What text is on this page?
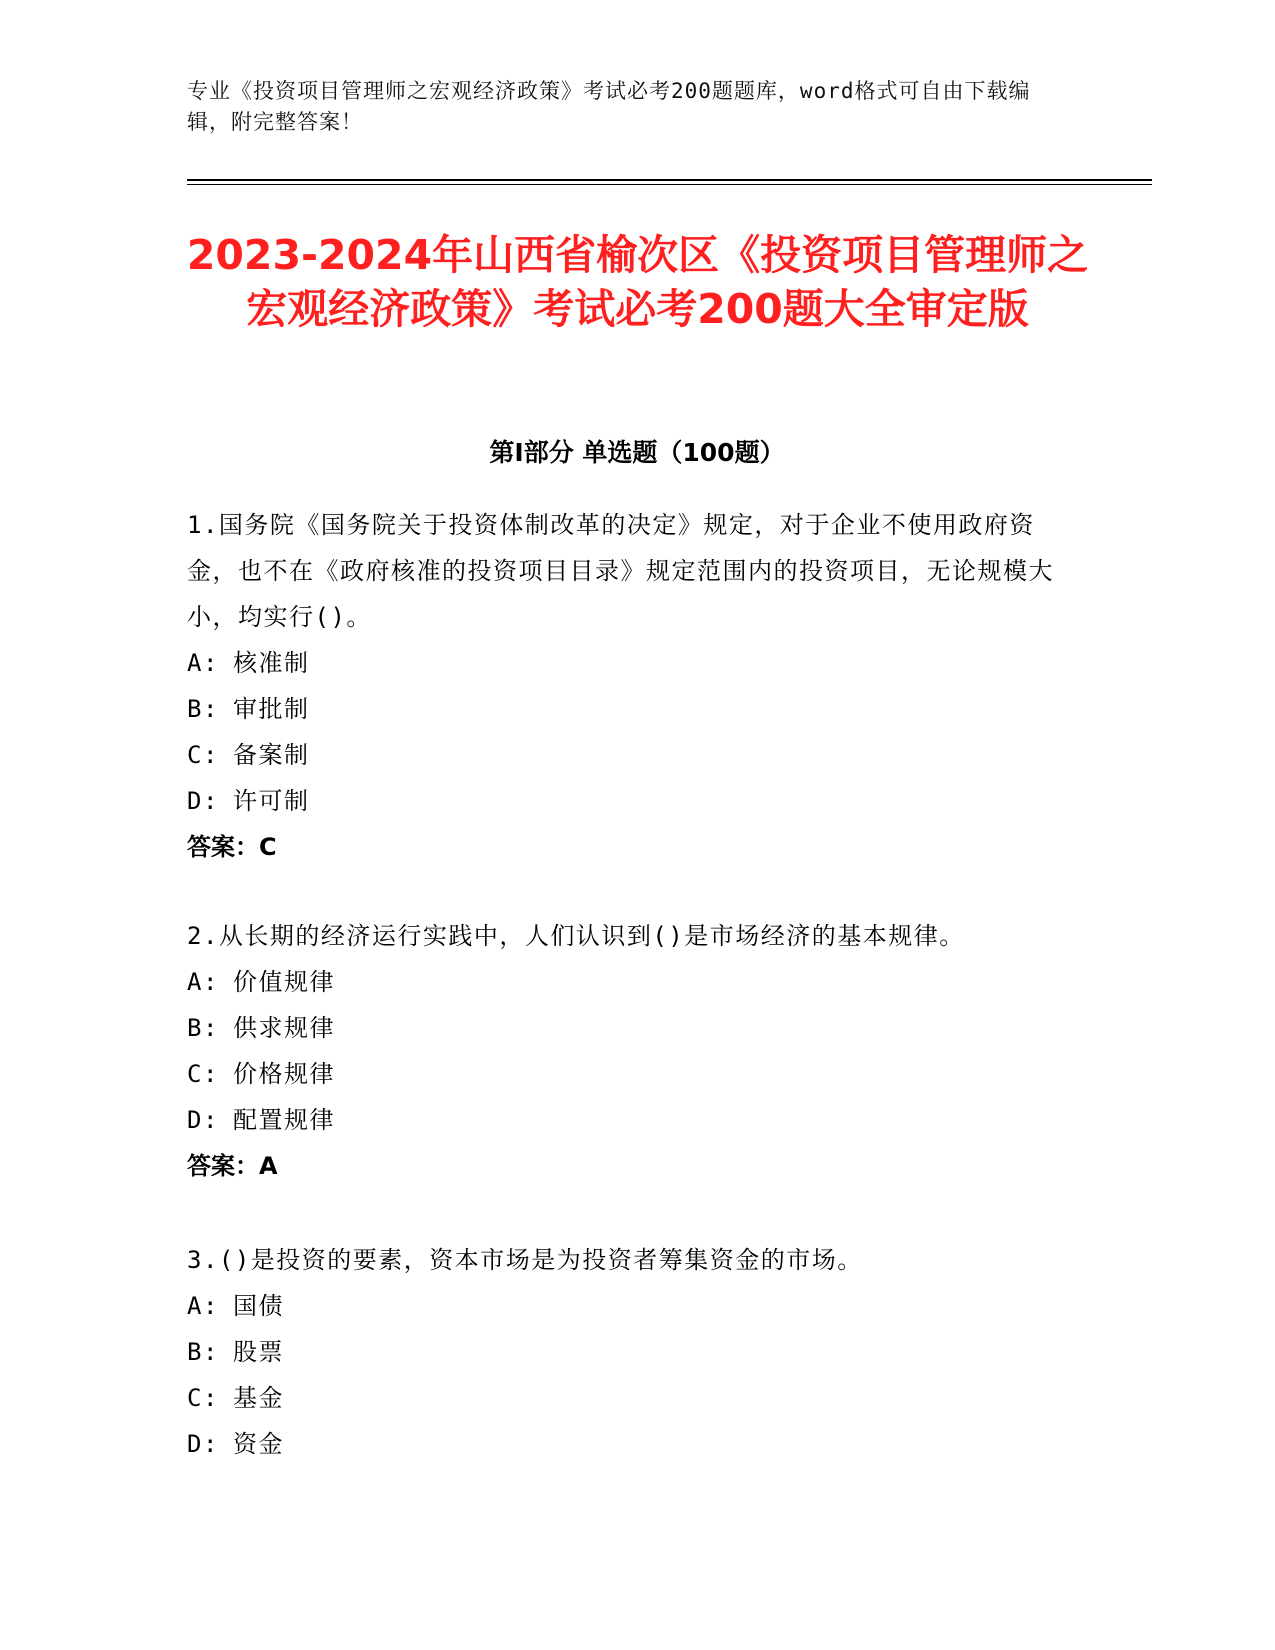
专业《投资项目管理师之宏观经济政策》考试必考200题题库，word格式可自由下载编辑，附完整答案！
2023-2024年山西省榆次区《投资项目管理师之宏观经济政策》考试必考200题大全审定版
第Ⅰ部分 单选题（100题）

1.国务院《国务院关于投资体制改革的决定》规定，对于企业不使用政府资金，也不在《政府核准的投资项目目录》规定范围内的投资项目，无论规模大小，均实行()。

A: 核准制

B: 审批制

C: 备案制

D: 许可制

答案：C

2.从长期的经济运行实践中，人们认识到()是市场经济的基本规律。

A: 价值规律

B: 供求规律

C: 价格规律

D: 配置规律

答案：A

3.()是投资的要素，资本市场是为投资者筹集资金的市场。

A: 国债

B: 股票

C: 基金

D: 资金
